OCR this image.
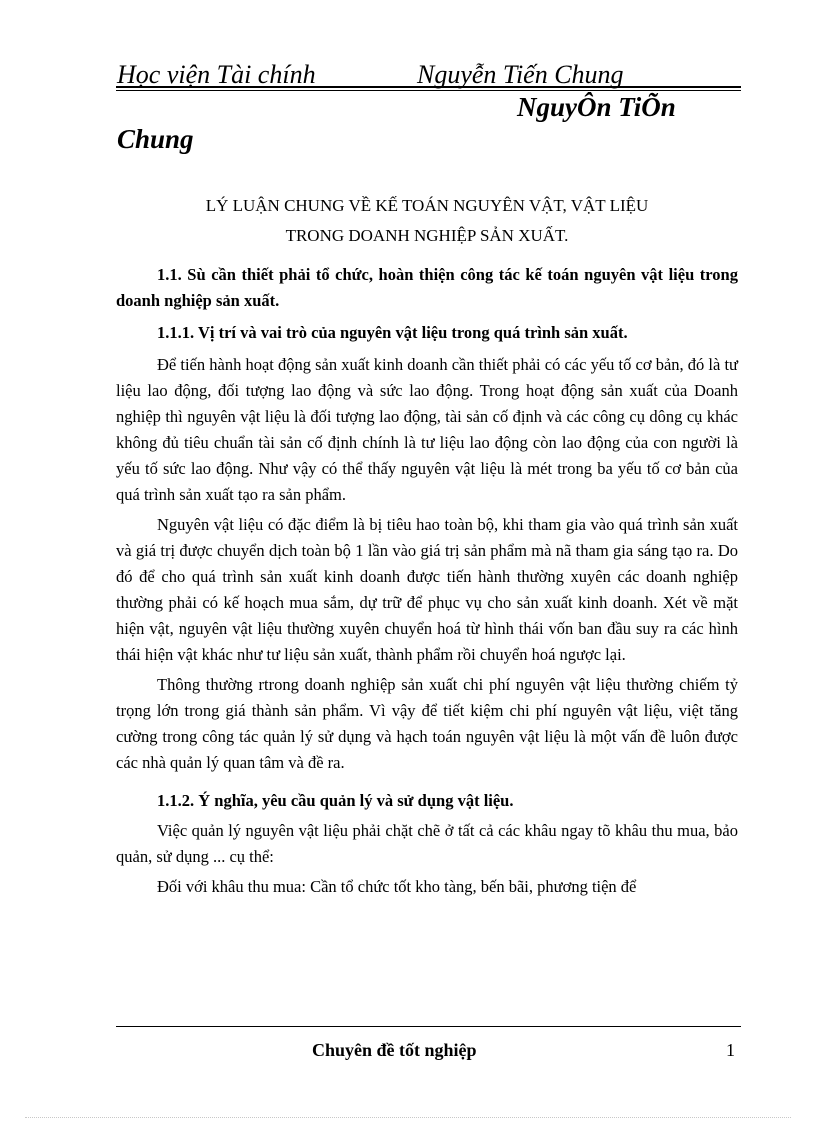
Học viện Tài chính	Nguyễn Tiến Chung
NguyÔn TiÕn
Chung
LÝ LUẬN CHUNG VỀ KẾ TOÁN NGUYÊN VẬT, VẬT LIỆU
TRONG DOANH NGHIỆP SẢN XUẤT.

1.1. Sù cần thiết phải tổ chức, hoàn thiện công tác kế toán nguyên vật liệu trong doanh nghiệp sản xuất.

1.1.1. Vị trí và vai trò của nguyên vật liệu trong quá trình sản xuất.

Để tiến hành hoạt động sản xuất kinh doanh cần thiết phải có các yếu tố cơ bản, đó là tư liệu lao động, đối tượng lao động và sức lao động. Trong hoạt động sản xuất của Doanh nghiệp thì nguyên vật liệu là đối tượng lao động, tài sản cố định và các công cụ dông cụ khác không đủ tiêu chuẩn tài sản cố định chính là tư liệu lao động còn lao động của con người là yếu tố sức lao động. Như vậy có thể thấy nguyên vật liệu là mét trong ba yếu tố cơ bản của quá trình sản xuất tạo ra sản phẩm.

Nguyên vật liệu có đặc điểm là bị tiêu hao toàn bộ, khi tham gia vào quá trình sản xuất và giá trị được chuyển dịch toàn bộ 1 lần vào giá trị sản phẩm mà nã tham gia sáng tạo ra. Do đó để cho quá trình sản xuất kinh doanh được tiến hành thường xuyên các doanh nghiệp thường phải có kế hoạch mua sắm, dự trữ để phục vụ cho sản xuất kinh doanh. Xét về mặt hiện vật, nguyên vật liệu thường xuyên chuyển hoá từ hình thái vốn ban đầu suy ra các hình thái hiện vật khác như tư liệu sản xuất, thành phẩm rồi chuyển hoá ngược lại.

Thông thường rtrong doanh nghiệp sản xuất chi phí nguyên vật liệu thường chiếm tỷ trọng lớn trong giá thành sản phẩm. Vì vậy để tiết kiệm chi phí nguyên vật liệu, việt tăng cường trong công tác quản lý sử dụng và hạch toán nguyên vật liệu là một vấn đề luôn được các nhà quản lý quan tâm và đề ra.

1.1.2. Ý nghĩa, yêu cầu quản lý và sử dụng vật liệu.

Việc quản lý nguyên vật liệu phải chặt chẽ ở tất cả các khâu ngay tõ khâu thu mua, bảo quản, sử dụng ... cụ thể:

Đối với khâu thu mua: Cần tổ chức tốt kho tàng, bến bãi, phương tiện để

Chuyên đề tốt nghiệp	1
